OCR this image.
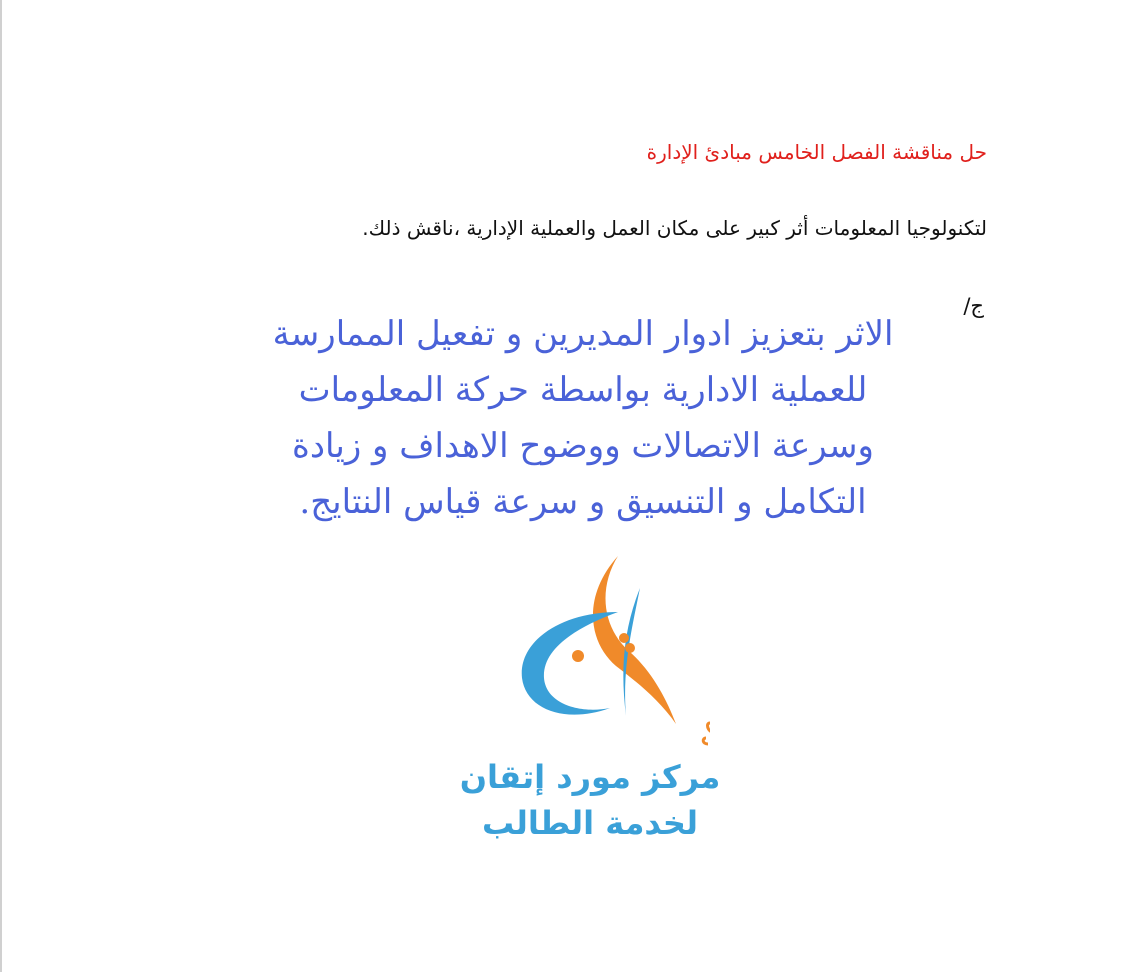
حل مناقشة الفصل الخامس مبادئ الإدارة

لتكنولوجيا المعلومات أثر كبير على مكان العمل والعملية الإدارية ،ناقش ذلك.

ج/

الاثر بتعزيز ادوار المديرين و تفعيل الممارسة
للعملية الادارية بواسطة حركة المعلومات
وسرعة الاتصالات ووضوح الاهداف و زيادة
التكامل و التنسيق و سرعة قياس النتايج.

مركز مورد إتقان

لخدمة الطالب
